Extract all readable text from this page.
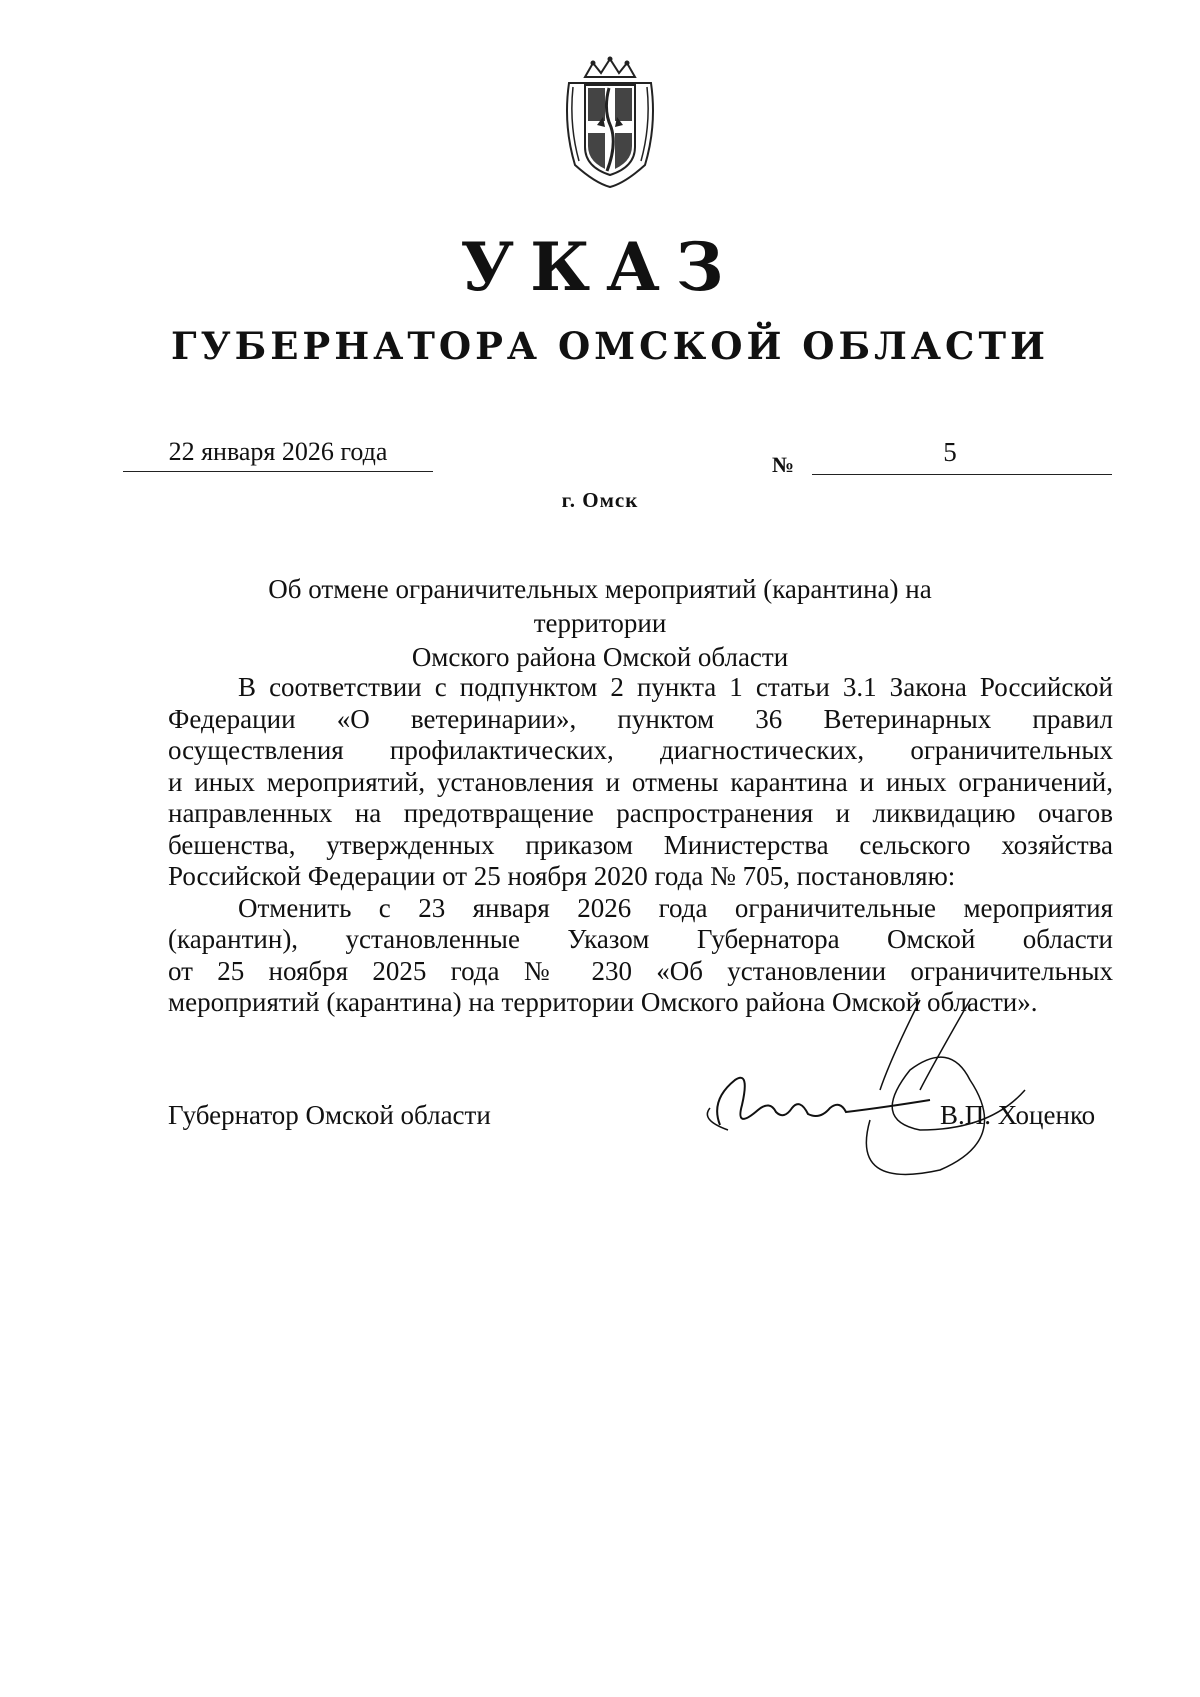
УКАЗ
ГУБЕРНАТОРА ОМСКОЙ ОБЛАСТИ
22 января 2026 года	№	5
г. Омск
Об отмене ограничительных мероприятий (карантина) на территории
Омского района Омской области
В соответствии с подпунктом 2 пункта 1 статьи 3.1 Закона Российской
Федерации «О ветеринарии», пунктом 36 Ветеринарных правил
осуществления профилактических, диагностических, ограничительных
и иных мероприятий, установления и отмены карантина и иных ограничений,
направленных на предотвращение распространения и ликвидацию очагов
бешенства, утвержденных приказом Министерства сельского хозяйства
Российской Федерации от 25 ноября 2020 года № 705, постановляю:
Отменить с 23 января 2026 года ограничительные мероприятия
(карантин), установленные Указом Губернатора Омской области
от 25 ноября 2025 года № 230 «Об установлении ограничительных
мероприятий (карантина) на территории Омского района Омской области».
Губернатор Омской области	В.П. Хоценко
